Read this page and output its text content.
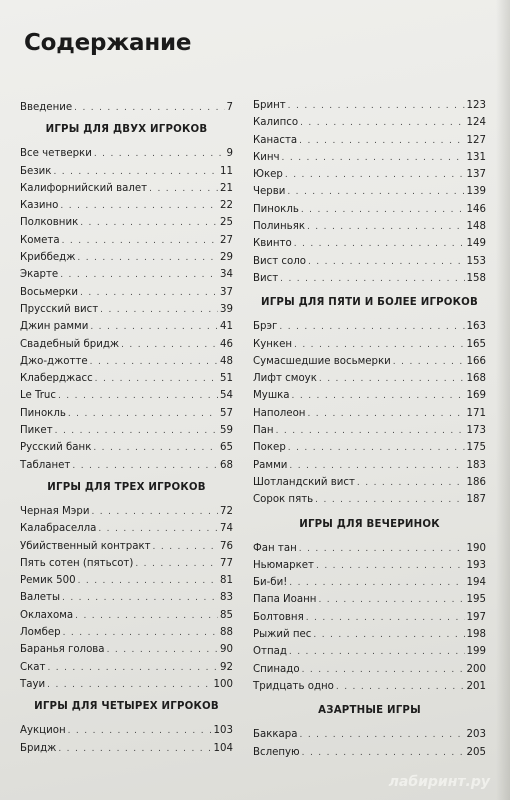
Содержание
Введение . . .	7
ИГРЫ ДЛЯ ДВУХ ИГРОКОВ
Все четверки . . .	9
Безик . . .	11
Калифорнийский валет . . .	21
Казино . . .	22
Полковник . . .	25
Комета . . .	27
Криббедж . . .	29
Экарте . . .	34
Восьмерки . . .	37
Прусский вист . . .	39
Джин рамми . . .	41
Свадебный бридж . . .	46
Джо-джотте . . .	48
Клаберджасс . . .	51
Le Truc . . .	54
Пинокль . . .	57
Пикет . . .	59
Русский банк . . .	65
Табланет . . .	68
ИГРЫ ДЛЯ ТРЕХ ИГРОКОВ
Черная Мэри . . .	72
Калабраселла . . .	74
Убийственный контракт . . .	76
Пять сотен (пятьсот) . . .	77
Ремик 500 . . .	81
Валеты . . .	83
Оклахома . . .	85
Ломбер . . .	88
Баранья голова . . .	90
Скат . . .	92
Тауи . . .	100
ИГРЫ ДЛЯ ЧЕТЫРЕХ ИГРОКОВ
Аукцион . . .	103
Бридж . . .	104
Бринт . . .	123
Калипсо . . .	124
Канаста . . .	127
Кинч . . .	131
Юкер . . .	137
Черви . . .	139
Пинокль . . .	146
Полиньяк . . .	148
Квинто . . .	149
Вист соло . . .	153
Вист . . .	158
ИГРЫ ДЛЯ ПЯТИ И БОЛЕЕ ИГРОКОВ
Брэг . . .	163
Кункен . . .	165
Сумасшедшие восьмерки . . .	166
Лифт смоук . . .	168
Мушка . . .	169
Наполеон . . .	171
Пан . . .	173
Покер . . .	175
Рамми . . .	183
Шотландский вист . . .	186
Сорок пять . . .	187
ИГРЫ ДЛЯ ВЕЧЕРИНОК
Фан тан . . .	190
Ньюмаркет . . .	193
Би-би! . . .	194
Папа Иоанн . . .	195
Болтовня . . .	197
Рыжий пес . . .	198
Отпад . . .	199
Спинадо . . .	200
Тридцать одно . . .	201
АЗАРТНЫЕ ИГРЫ
Баккара . . .	203
Вслепую . . .	205
лабиринт.ру
